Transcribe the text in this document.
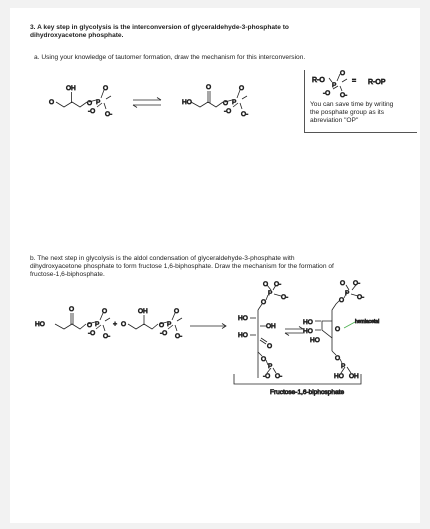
3. A key step in glycolysis is the interconversion of glyceraldehyde-3-phosphate to
dihydroxyacetone phosphate.
a. Using your knowledge of tautomer formation, draw the mechanism for this interconversion.
You can save time by writing
the posphate group as its
abreviation "OP"
b. The next step in glycolysis is the aldol condensation of glyceraldehyde-3-phosphate with
dihydroxyacetone phosphate to form fructose 1,6-biphosphate. Draw the mechanism for the formation of
fructose-1,6-biphosphate.
OH
O	O P
O
-O O-
HO
O
O P
O
-O O-
R-O
P
O
-O O-
= R-OP
HO
O
O P
O
-O O-
+
OH
O	O P
O
-O O-
O
P
O O-
O-
HO
OH
HO
O
O
P
-O O-
HO
HO
HO
O
O
P
O O-
O-
O
P
HO OH
hemiacetal
Fructose-1,6-biphosphate
